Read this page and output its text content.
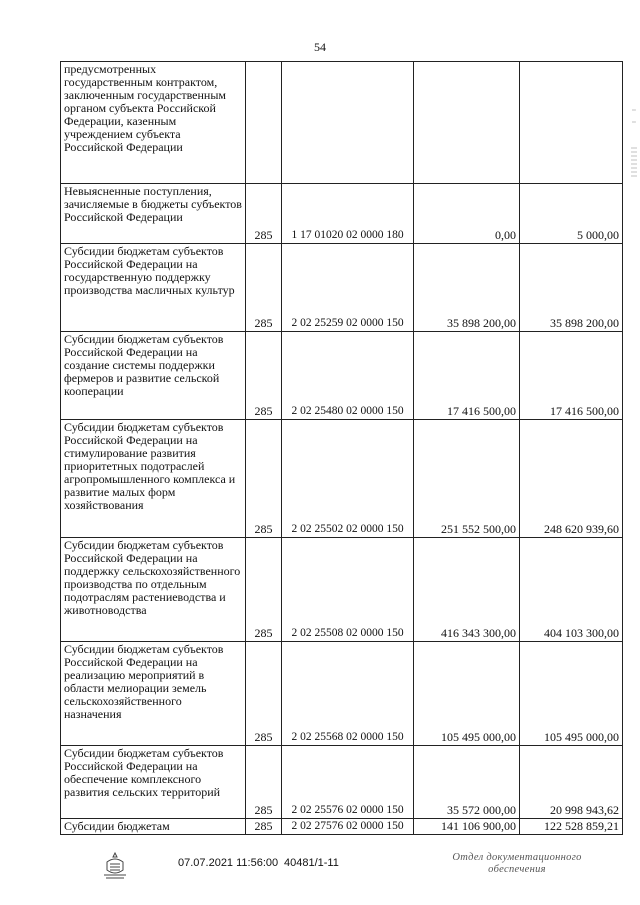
54
предусмотренных государственным контрактом, заключенным государственным органом субъекта Российской Федерации, казенным учреждением субъекта Российской Федерации				
Невыясненные поступления, зачисляемые в бюджеты субъектов Российской Федерации	285	1 17 01020 02 0000 180	0,00	5 000,00
Субсидии бюджетам субъектов Российской Федерации на государственную поддержку производства масличных культур	285	2 02 25259 02 0000 150	35 898 200,00	35 898 200,00
Субсидии бюджетам субъектов Российской Федерации на создание системы поддержки фермеров и развитие сельской кооперации	285	2 02 25480 02 0000 150	17 416 500,00	17 416 500,00
Субсидии бюджетам субъектов Российской Федерации на стимулирование развития приоритетных подотраслей агропромышленного комплекса и развитие малых форм хозяйствования	285	2 02 25502 02 0000 150	251 552 500,00	248 620 939,60
Субсидии бюджетам субъектов Российской Федерации на поддержку сельскохозяйственного производства по отдельным подотраслям растениеводства и животноводства	285	2 02 25508 02 0000 150	416 343 300,00	404 103 300,00
Субсидии бюджетам субъектов Российской Федерации на реализацию мероприятий в области мелиорации земель сельскохозяйственного назначения	285	2 02 25568 02 0000 150	105 495 000,00	105 495 000,00
Субсидии бюджетам субъектов Российской Федерации на обеспечение комплексного развития сельских территорий	285	2 02 25576 02 0000 150	35 572 000,00	20 998 943,62
Субсидии бюджетам	285	2 02 27576 02 0000 150	141 106 900,00	122 528 859,21
07.07.2021 11:56:00 40481/1-11	Отдел документационного
обеспечения
